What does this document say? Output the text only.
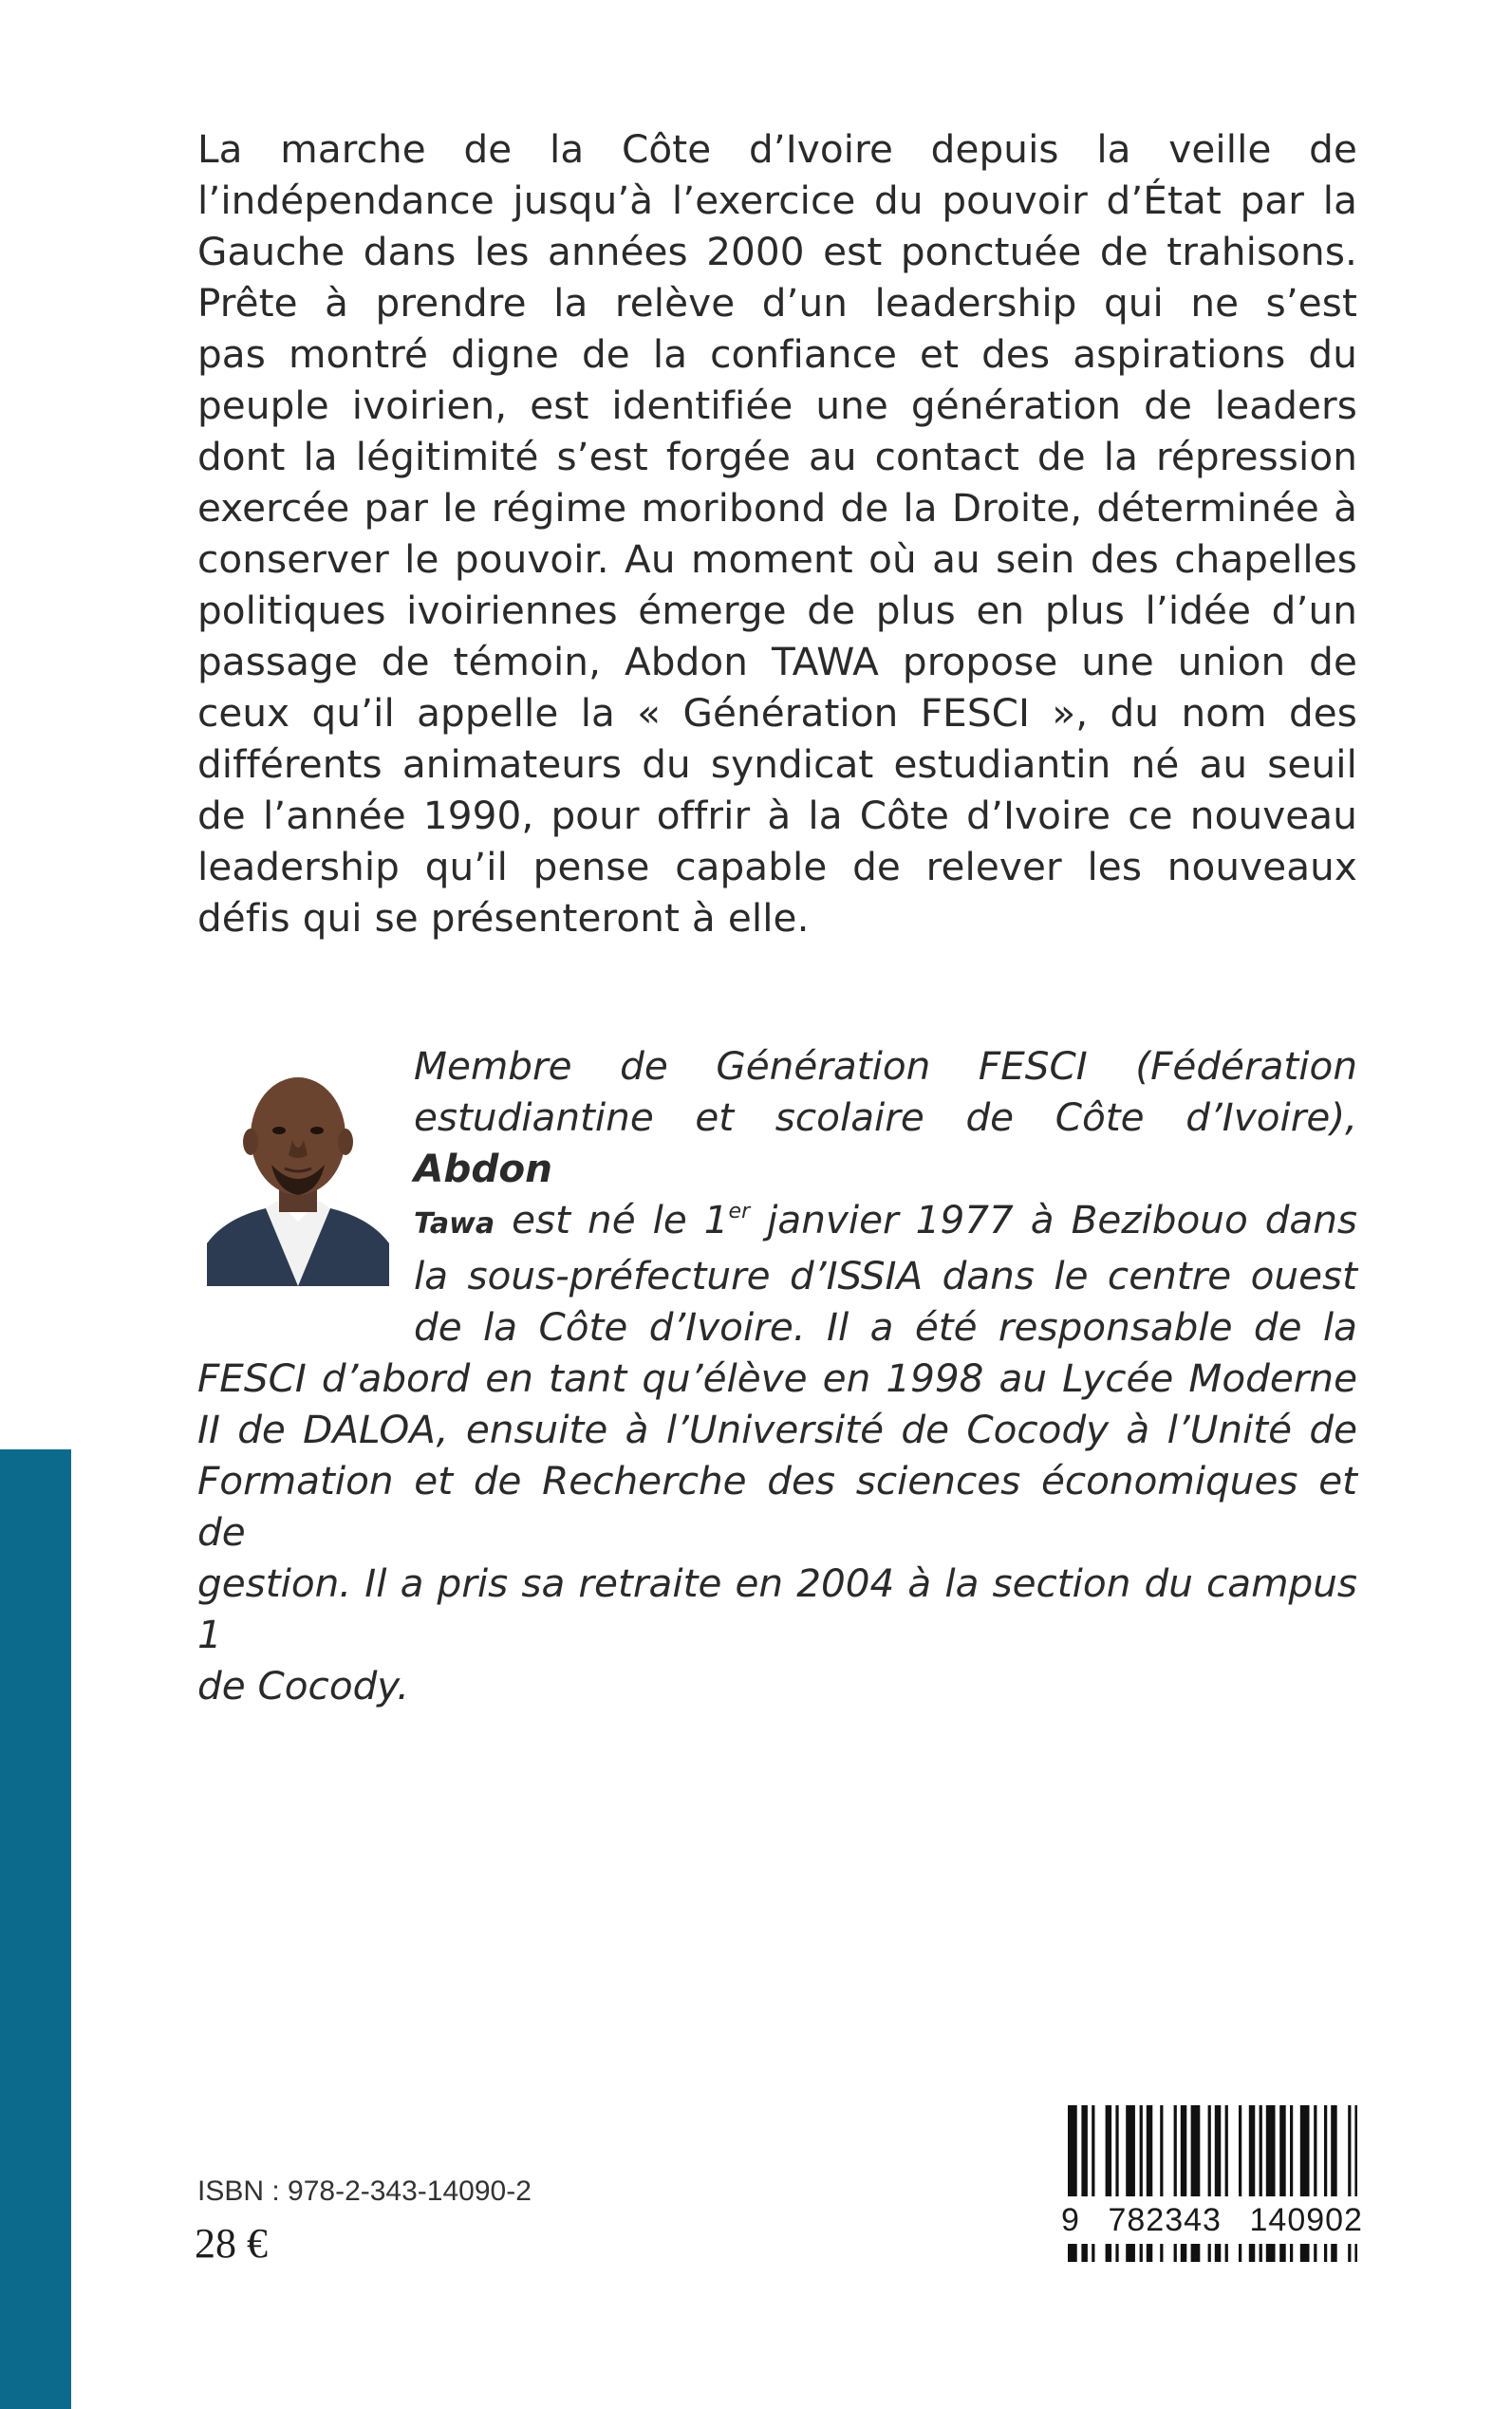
La marche de la Côte d’Ivoire depuis la veille de
l’indépendance jusqu’à l’exercice du pouvoir d’État par la
Gauche dans les années 2000 est ponctuée de trahisons.
Prête à prendre la relève d’un leadership qui ne s’est
pas montré digne de la confiance et des aspirations du
peuple ivoirien, est identifiée une génération de leaders
dont la légitimité s’est forgée au contact de la répression
exercée par le régime moribond de la Droite, déterminée à
conserver le pouvoir. Au moment où au sein des chapelles
politiques ivoiriennes émerge de plus en plus l’idée d’un
passage de témoin, Abdon TAWA propose une union de
ceux qu’il appelle la « Génération FESCI », du nom des
différents animateurs du syndicat estudiantin né au seuil
de l’année 1990, pour offrir à la Côte d’Ivoire ce nouveau
leadership qu’il pense capable de relever les nouveaux
défis qui se présenteront à elle.
Membre de Génération FESCI (Fédération
estudiantine et scolaire de Côte d’Ivoire), Abdon
Tawa est né le 1er janvier 1977 à Bezibouo dans
la sous-préfecture d’ISSIA dans le centre ouest
de la Côte d’Ivoire. Il a été responsable de la
FESCI d’abord en tant qu’élève en 1998 au Lycée Moderne
II de DALOA, ensuite à l’Université de Cocody à l’Unité de
Formation et de Recherche des sciences économiques et de
gestion. Il a pris sa retraite en 2004 à la section du campus 1
de Cocody.
ISBN : 978-2-343-14090-2
28 €
9 782343 140902
